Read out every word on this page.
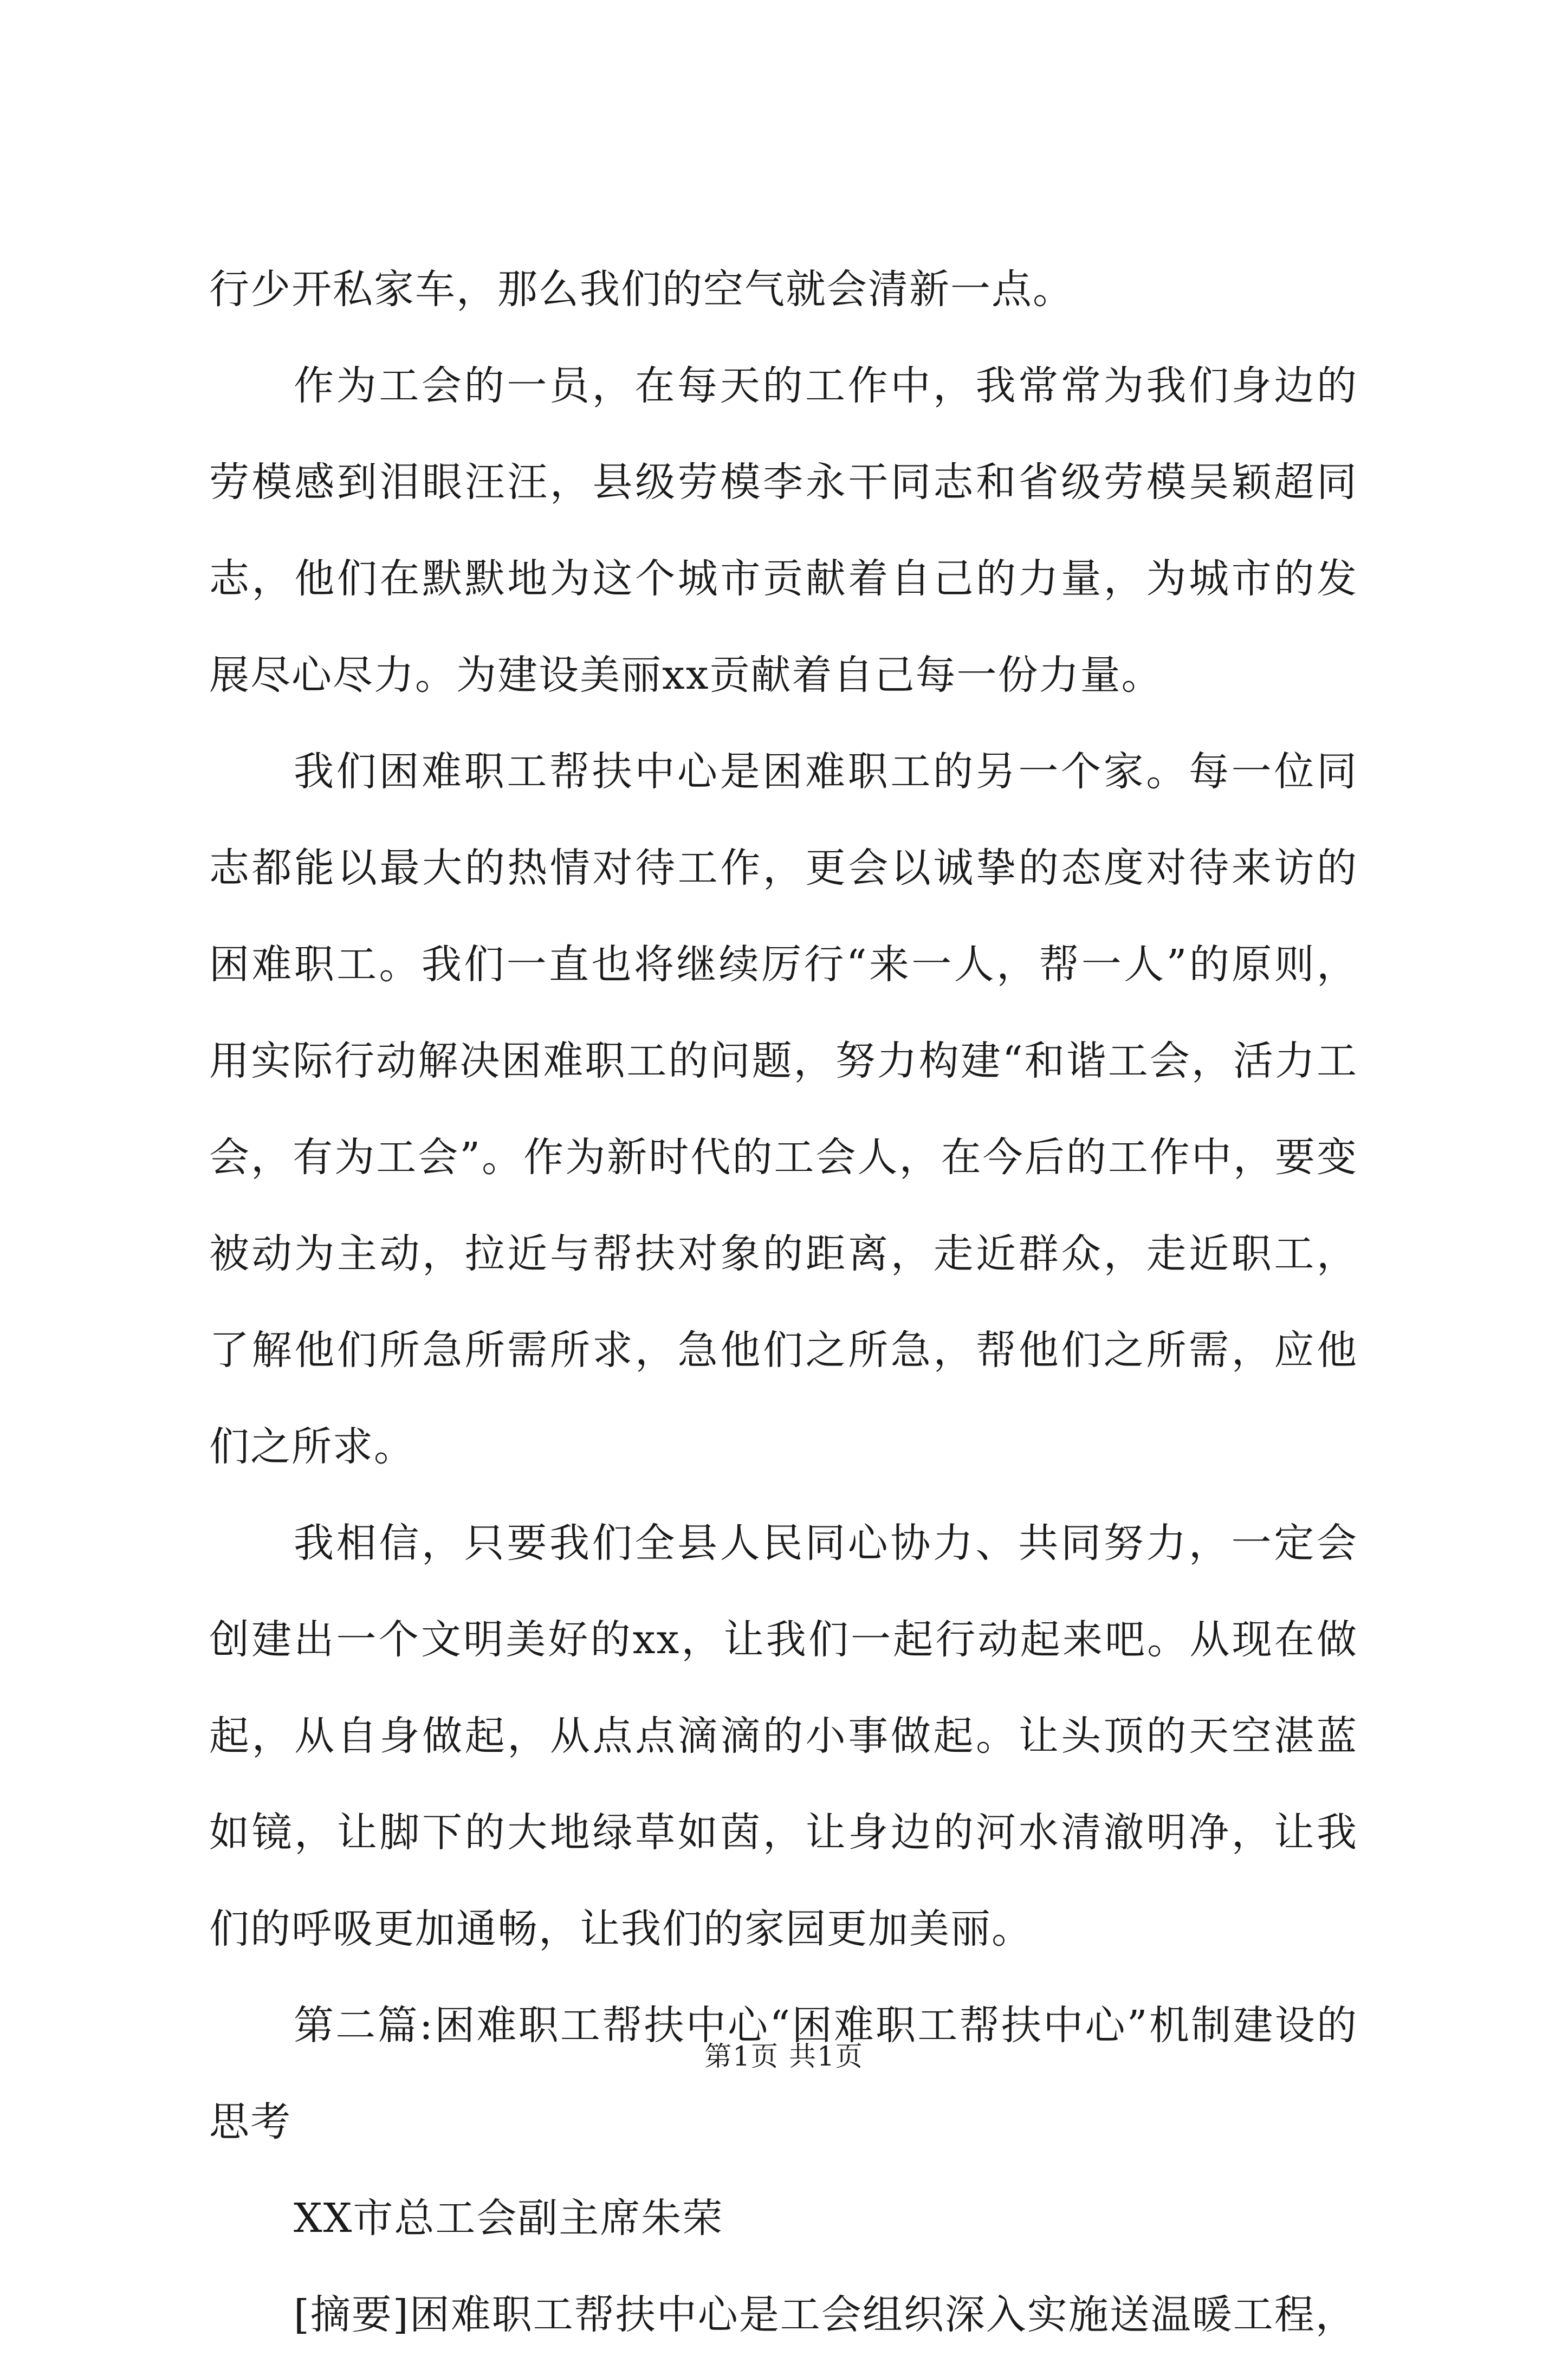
行少开私家车，那么我们的空气就会清新一点。

作为工会的一员，在每天的工作中，我常常为我们身边的劳模感到泪眼汪汪，县级劳模李永干同志和省级劳模吴颖超同志，他们在默默地为这个城市贡献着自己的力量，为城市的发展尽心尽力。为建设美丽xx贡献着自己每一份力量。

我们困难职工帮扶中心是困难职工的另一个家。每一位同志都能以最大的热情对待工作，更会以诚挚的态度对待来访的困难职工。我们一直也将继续厉行“来一人，帮一人”的原则，用实际行动解决困难职工的问题，努力构建“和谐工会，活力工会，有为工会”。作为新时代的工会人，在今后的工作中，要变被动为主动，拉近与帮扶对象的距离，走近群众，走近职工，了解他们所急所需所求，急他们之所急，帮他们之所需，应他们之所求。

我相信，只要我们全县人民同心协力、共同努力，一定会创建出一个文明美好的xx，让我们一起行动起来吧。从现在做起，从自身做起，从点点滴滴的小事做起。让头顶的天空湛蓝如镜，让脚下的大地绿草如茵，让身边的河水清澈明净，让我们的呼吸更加通畅，让我们的家园更加美丽。

第二篇:困难职工帮扶中心“困难职工帮扶中心”机制建设的思考

XX市总工会副主席朱荣

[摘要]困难职工帮扶中心是工会组织深入实施送温暖工程，

第1页 共1页
